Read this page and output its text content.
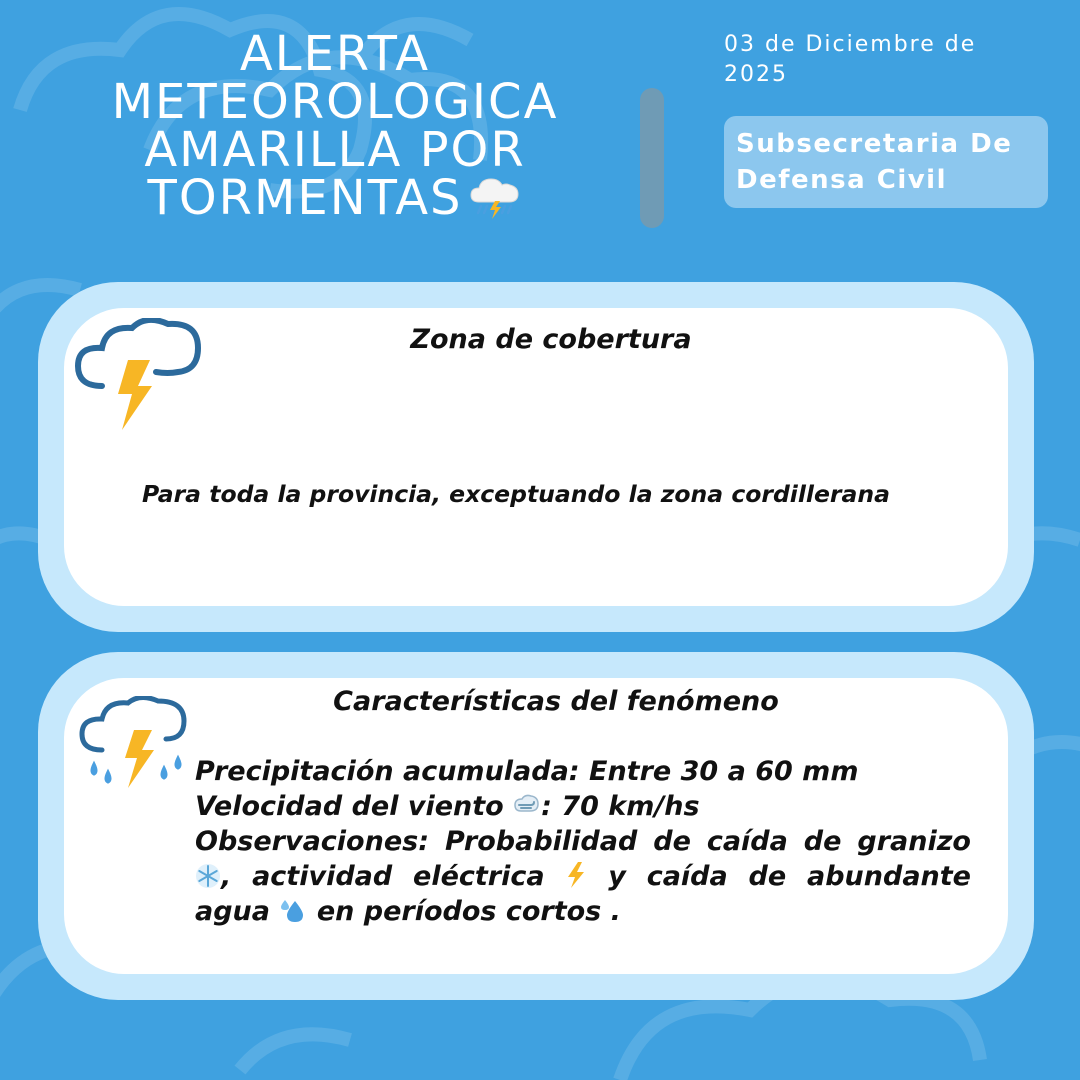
ALERTA
METEOROLOGICA
AMARILLA POR
TORMENTAS
03 de Diciembre de
2025
Subsecretaria De
Defensa Civil
Zona de cobertura
Para toda la provincia, exceptuando la zona cordillerana
Características del fenómeno
Precipitación acumulada: Entre 30 a 60 mm
Velocidad del viento : 70 km/hs
Observaciones: Probabilidad de caída de granizo , actividad eléctrica y caída de abundante agua en períodos cortos .
